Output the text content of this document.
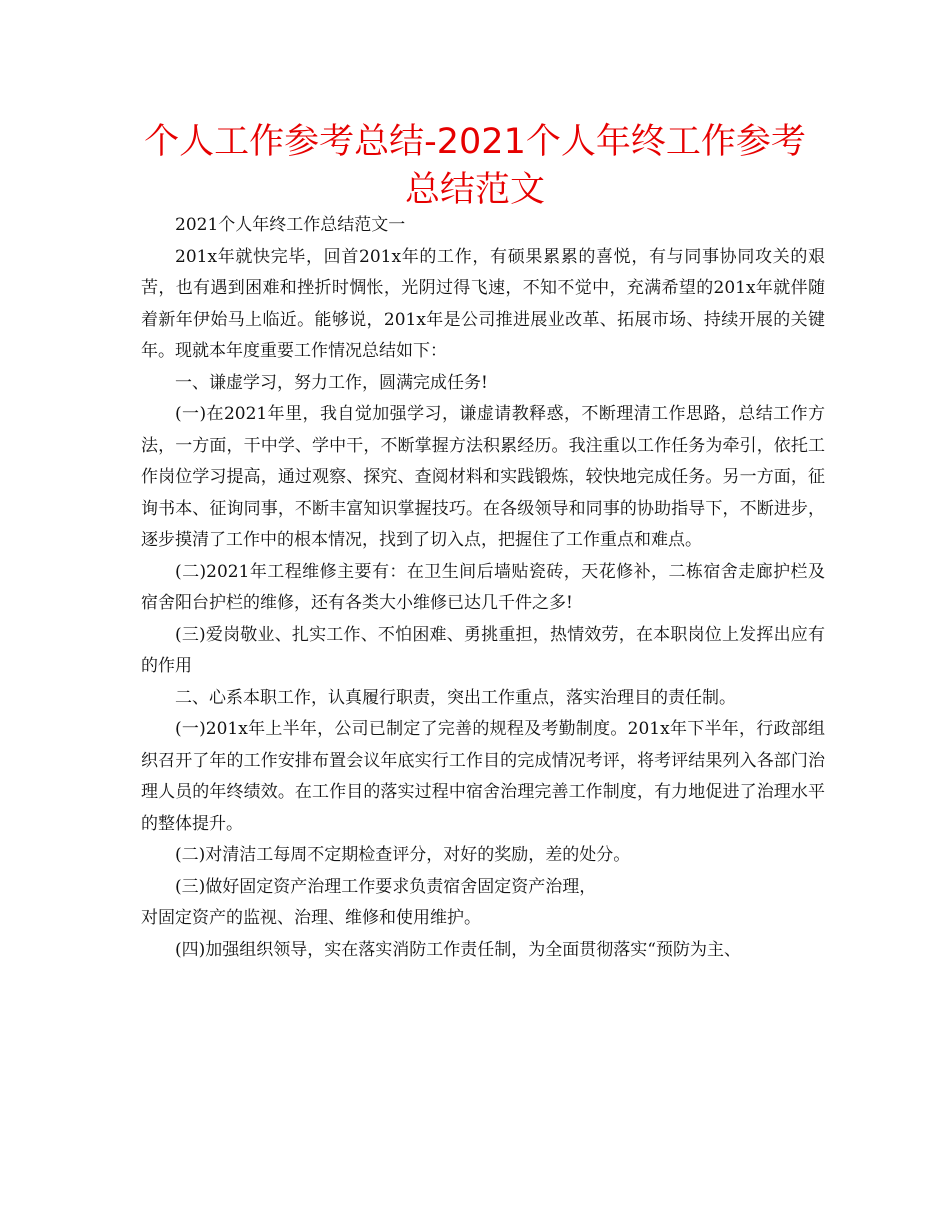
个人工作参考总结-2021个人年终工作参考总结范文

2021个人年终工作总结范文一

201x年就快完毕，回首201x年的工作，有硕果累累的喜悦，有与同事协同攻关的艰苦，也有遇到困难和挫折时惆怅，光阴过得飞速，不知不觉中，充满希望的201x年就伴随着新年伊始马上临近。能够说，201x年是公司推进展业改革、拓展市场、持续开展的关键年。现就本年度重要工作情况总结如下：

一、谦虚学习，努力工作，圆满完成任务!

(一)在2021年里，我自觉加强学习，谦虚请教释惑，不断理清工作思路，总结工作方法，一方面，干中学、学中干，不断掌握方法积累经历。我注重以工作任务为牵引，依托工作岗位学习提高，通过观察、探究、查阅材料和实践锻炼，较快地完成任务。另一方面，征询书本、征询同事，不断丰富知识掌握技巧。在各级领导和同事的协助指导下，不断进步，逐步摸清了工作中的根本情况，找到了切入点，把握住了工作重点和难点。

(二)2021年工程维修主要有：在卫生间后墙贴瓷砖，天花修补，二栋宿舍走廊护栏及宿舍阳台护栏的维修，还有各类大小维修已达几千件之多!

(三)爱岗敬业、扎实工作、不怕困难、勇挑重担，热情效劳，在本职岗位上发挥出应有的作用

二、心系本职工作，认真履行职责，突出工作重点，落实治理目的责任制。

(一)201x年上半年，公司已制定了完善的规程及考勤制度。201x年下半年，行政部组织召开了年的工作安排布置会议年底实行工作目的完成情况考评，将考评结果列入各部门治理人员的年终绩效。在工作目的落实过程中宿舍治理完善工作制度，有力地促进了治理水平的整体提升。

(二)对清洁工每周不定期检查评分，对好的奖励，差的处分。

(三)做好固定资产治理工作要求负责宿舍固定资产治理，

对固定资产的监视、治理、维修和使用维护。

(四)加强组织领导，实在落实消防工作责任制，为全面贯彻落实“预防为主、
